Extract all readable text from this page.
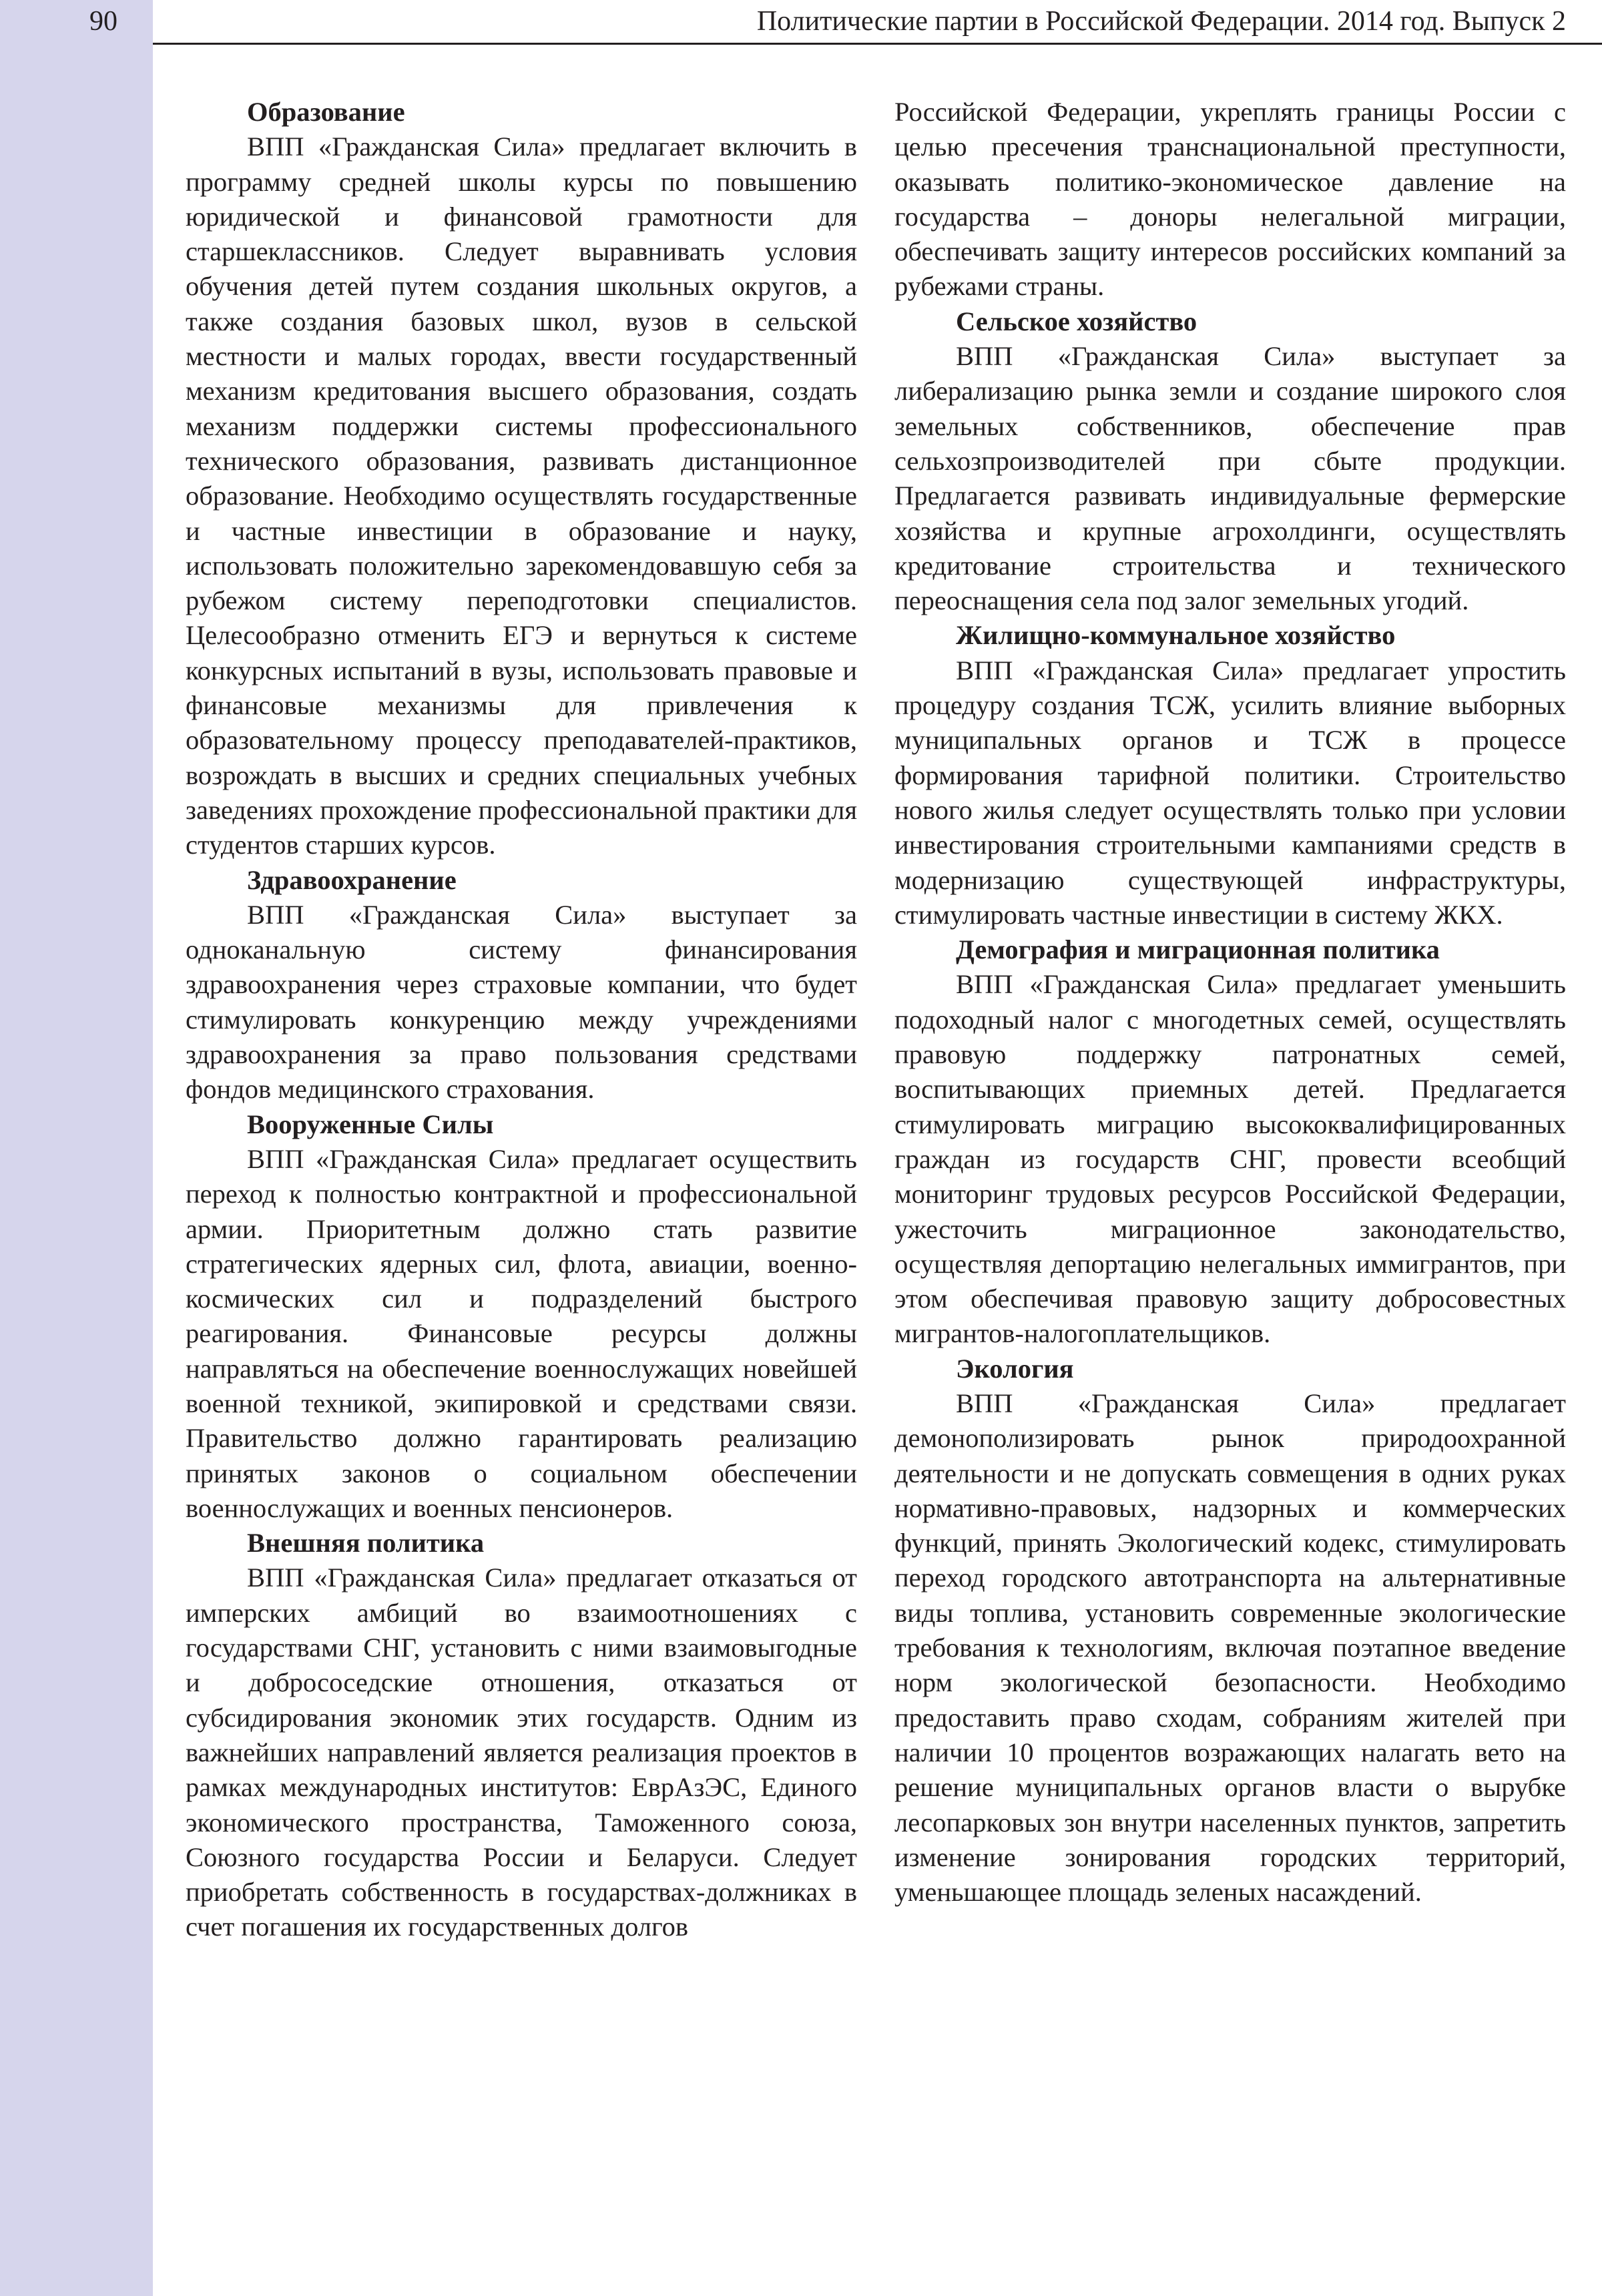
90	Политические партии в Российской Федерации. 2014 год. Выпуск 2
Образование

ВПП «Гражданская Сила» предлагает включить в программу средней школы курсы по повышению юридической и финансовой грамотности для старшеклассников. Следует выравнивать условия обучения детей путем создания школьных округов, а также создания базовых школ, вузов в сельской местности и малых городах, ввести государственный механизм кредитования высшего образования, создать механизм поддержки системы профессионального технического образования, развивать дистанционное образование. Необходимо осуществлять государственные и частные инвестиции в образование и науку, использовать положительно зарекомендовавшую себя за рубежом систему переподготовки специалистов. Целесообразно отменить ЕГЭ и вернуться к системе конкурсных испытаний в вузы, использовать правовые и финансовые механизмы для привлечения к образовательному процессу преподавателей-практиков, возрождать в высших и средних специальных учебных заведениях прохождение профессиональной практики для студентов старших курсов.

Здравоохранение

ВПП «Гражданская Сила» выступает за одноканальную систему финансирования здравоохранения через страховые компании, что будет стимулировать конкуренцию между учреждениями здравоохранения за право пользования средствами фондов медицинского страхования.

Вооруженные Силы

ВПП «Гражданская Сила» предлагает осуществить переход к полностью контрактной и профессиональной армии. Приоритетным должно стать развитие стратегических ядерных сил, флота, авиации, военно-космических сил и подразделений быстрого реагирования. Финансовые ресурсы должны направляться на обеспечение военнослужащих новейшей военной техникой, экипировкой и средствами связи. Правительство должно гарантировать реализацию принятых законов о социальном обеспечении военнослужащих и военных пенсионеров.

Внешняя политика

ВПП «Гражданская Сила» предлагает отказаться от имперских амбиций во взаимоотношениях с государствами СНГ, установить с ними взаимовыгодные и добрососедские отношения, отказаться от субсидирования экономик этих государств. Одним из важнейших направлений является реализация проектов в рамках международных институтов: ЕврАзЭС, Единого экономического пространства, Таможенного союза, Союзного государства России и Беларуси. Следует приобретать собственность в государствах-должниках в счет погашения их государственных долгов

Российской Федерации, укреплять границы России с целью пресечения транснациональной преступности, оказывать политико-экономическое давление на государства – доноры нелегальной миграции, обеспечивать защиту интересов российских компаний за рубежами страны.

Сельское хозяйство

ВПП «Гражданская Сила» выступает за либерализацию рынка земли и создание широкого слоя земельных собственников, обеспечение прав сельхозпроизводителей при сбыте продукции. Предлагается развивать индивидуальные фермерские хозяйства и крупные агрохолдинги, осуществлять кредитование строительства и технического переоснащения села под залог земельных угодий.

Жилищно-коммунальное хозяйство

ВПП «Гражданская Сила» предлагает упростить процедуру создания ТСЖ, усилить влияние выборных муниципальных органов и ТСЖ в процессе формирования тарифной политики. Строительство нового жилья следует осуществлять только при условии инвестирования строительными кампаниями средств в модернизацию существующей инфраструктуры, стимулировать частные инвестиции в систему ЖКХ.

Демография и миграционная политика

ВПП «Гражданская Сила» предлагает уменьшить подоходный налог с многодетных семей, осуществлять правовую поддержку патронатных семей, воспитывающих приемных детей. Предлагается стимулировать миграцию высококвалифицированных граждан из государств СНГ, провести всеобщий мониторинг трудовых ресурсов Российской Федерации, ужесточить миграционное законодательство, осуществляя депортацию нелегальных иммигрантов, при этом обеспечивая правовую защиту добросовестных мигрантов-налогоплательщиков.

Экология

ВПП «Гражданская Сила» предлагает демонополизировать рынок природоохранной деятельности и не допускать совмещения в одних руках нормативно-правовых, надзорных и коммерческих функций, принять Экологический кодекс, стимулировать переход городского автотранспорта на альтернативные виды топлива, установить современные экологические требования к технологиям, включая поэтапное введение норм экологической безопасности. Необходимо предоставить право сходам, собраниям жителей при наличии 10 процентов возражающих налагать вето на решение муниципальных органов власти о вырубке лесопарковых зон внутри населенных пунктов, запретить изменение зонирования городских территорий, уменьшающее площадь зеленых насаждений.
